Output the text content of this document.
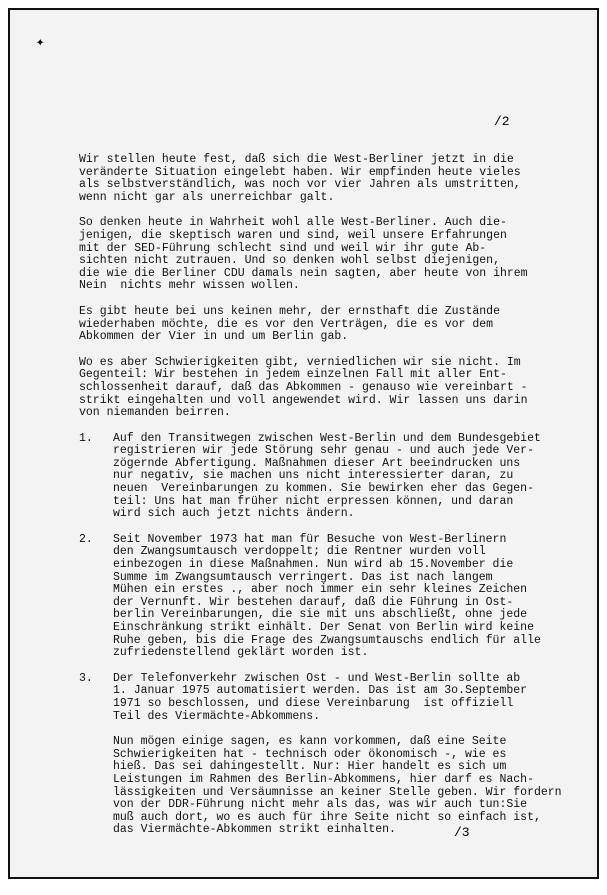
✦
/2

Wir stellen heute fest, daß sich die West-Berliner jetzt in die
veränderte Situation eingelebt haben. Wir empfinden heute vieles
als selbstverständlich, was noch vor vier Jahren als umstritten,
wenn nicht gar als unerreichbar galt.

So denken heute in Wahrheit wohl alle West-Berliner. Auch die-
jenigen, die skeptisch waren und sind, weil unsere Erfahrungen
mit der SED-Führung schlecht sind und weil wir ihr gute Ab-
sichten nicht zutrauen. Und so denken wohl selbst diejenigen,
die wie die Berliner CDU damals nein sagten, aber heute von ihrem
Nein  nichts mehr wissen wollen.

Es gibt heute bei uns keinen mehr, der ernsthaft die Zustände
wiederhaben möchte, die es vor den Verträgen, die es vor dem
Abkommen der Vier in und um Berlin gab.

Wo es aber Schwierigkeiten gibt, verniedlichen wir sie nicht. Im
Gegenteil: Wir bestehen in jedem einzelnen Fall mit aller Ent-
schlossenheit darauf, daß das Abkommen - genauso wie vereinbart -
strikt eingehalten und voll angewendet wird. Wir lassen uns darin
von niemanden beirren.

1. Auf den Transitwegen zwischen West-Berlin und dem Bundesgebiet
registrieren wir jede Störung sehr genau - und auch jede Ver-
zögernde Abfertigung. Maßnahmen dieser Art beeindrucken uns
nur negativ, sie machen uns nicht interessierter daran, zu
neuen  Vereinbarungen zu kommen. Sie bewirken eher das Gegen-
teil: Uns hat man früher nicht erpressen können, und daran
wird sich auch jetzt nichts ändern.
2. Seit November 1973 hat man für Besuche von West-Berlinern
den Zwangsumtausch verdoppelt; die Rentner wurden voll
einbezogen in diese Maßnahmen. Nun wird ab 15.November die
Summe im Zwangsumtausch verringert. Das ist nach langem
Mühen ein erstes ., aber noch immer ein sehr kleines Zeichen
der Vernunft. Wir bestehen darauf, daß die Führung in Ost-
berlin Vereinbarungen, die sie mit uns abschließt, ohne jede
Einschränkung strikt einhält. Der Senat von Berlin wird keine
Ruhe geben, bis die Frage des Zwangsumtauschs endlich für alle
zufriedenstellend geklärt worden ist.
3. Der Telefonverkehr zwischen Ost - und West-Berlin sollte ab
1. Januar 1975 automatisiert werden. Das ist am 3o.September
1971 so beschlossen, und diese Vereinbarung  ist offiziell
Teil des Viermächte-Abkommens.

Nun mögen einige sagen, es kann vorkommen, daß eine Seite
Schwierigkeiten hat - technisch oder ökonomisch -, wie es
hieß. Das sei dahingestellt. Nur: Hier handelt es sich um
Leistungen im Rahmen des Berlin-Abkommens, hier darf es Nach-
lässigkeiten und Versäumnisse an keiner Stelle geben. Wir fordern
von der DDR-Führung nicht mehr als das, was wir auch tun:Sie
muß auch dort, wo es auch für ihre Seite nicht so einfach ist,
das Viermächte-Abkommen strikt einhalten.	/3
